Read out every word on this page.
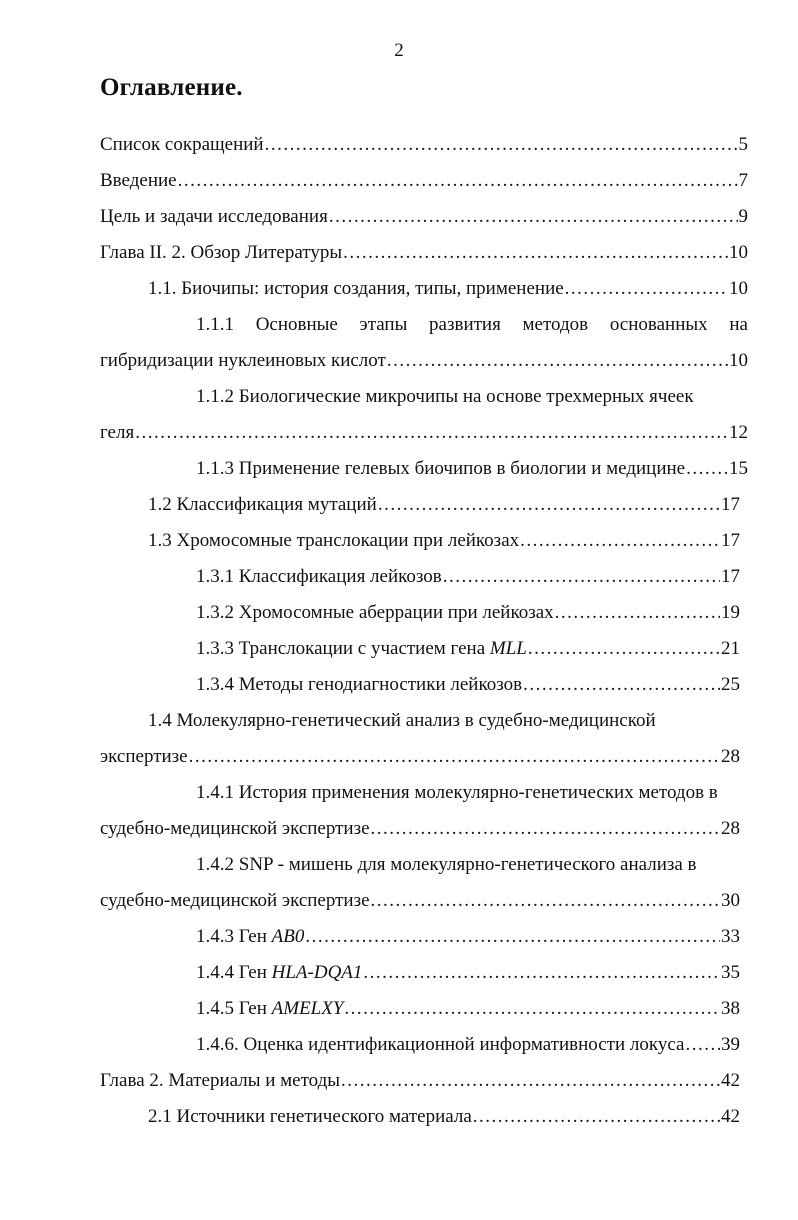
2
Оглавление.
Список сокращений .....	5
Введение .....	7
Цель и задачи исследования .....	9
Глава II. 2. Обзор Литературы .....	10
1.1. Биочипы: история создания, типы, применение .....	10
1.1.1 Основные этапы развития методов основанных на
гибридизации нуклеиновых кислот .....	10
1.1.2 Биологические микрочипы на основе трехмерных ячеек
геля .....	12
1.1.3 Применение гелевых биочипов в биологии и медицине ..... 15
1.2 Классификация мутаций .....	17
1.3 Хромосомные транслокации при лейкозах .....	17
1.3.1 Классификация лейкозов .....	17
1.3.2 Хромосомные аберрации при лейкозах .....	19
1.3.3 Транслокации с участием гена MLL .....	21
1.3.4 Методы генодиагностики лейкозов .....	25
1.4 Молекулярно-генетический анализ в судебно-медицинской
экспертизе .....	28
1.4.1 История применения молекулярно-генетических методов в
судебно-медицинской экспертизе .....	28
1.4.2 SNP - мишень для молекулярно-генетического анализа в
судебно-медицинской экспертизе .....	30
1.4.3 Ген AB0 .....	33
1.4.4 Ген HLA-DQA1 .....	35
1.4.5 Ген AMELXY .....	38
1.4.6. Оценка идентификационной информативности локуса ..... 39
Глава 2. Материалы и методы .....	42
2.1 Источники генетического материала .....	42
